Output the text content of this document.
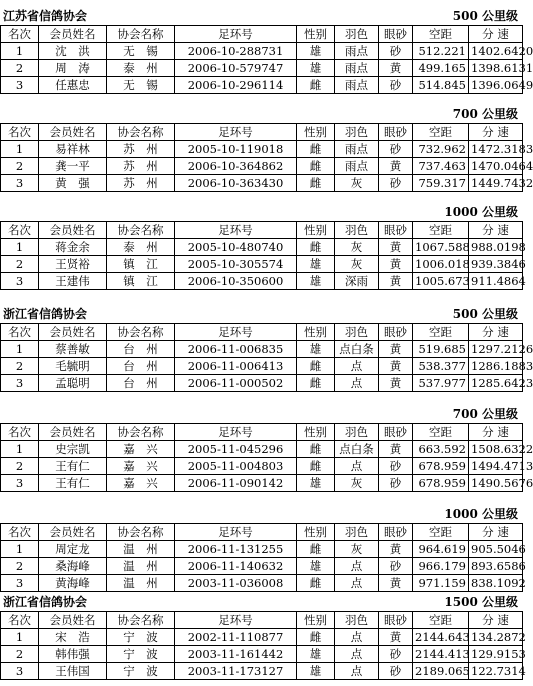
江苏省信鸽协会	500 公里级
名次	会员姓名	协会名称	足环号	性别	羽色	眼砂	空距	分 速
1	沈　洪	无　锡	2006-10-288731	雄	雨点	砂	512.221	1402.6420
2	周　涛	泰　州	2006-10-579747	雄	雨点	黄	499.165	1398.6131
3	任惠忠	无　锡	2006-10-296114	雌	雨点	砂	514.845	1396.0649
700 公里级
名次	会员姓名	协会名称	足环号	性别	羽色	眼砂	空距	分 速
1	易祥林	苏　州	2005-10-119018	雌	雨点	砂	732.962	1472.3183
2	龚一平	苏　州	2006-10-364862	雌	雨点	黄	737.463	1470.0464
3	黄　强	苏　州	2006-10-363430	雌	灰	砂	759.317	1449.7432
1000 公里级
名次	会员姓名	协会名称	足环号	性别	羽色	眼砂	空距	分 速
1	蒋金余	泰　州	2005-10-480740	雌	灰	黄	1067.588	988.0198
2	王贤裕	镇　江	2005-10-305574	雄	灰	黄	1006.018	939.3846
3	王建伟	镇　江	2006-10-350600	雄	深雨	黄	1005.673	911.4864
浙江省信鸽协会	500 公里级
名次	会员姓名	协会名称	足环号	性别	羽色	眼砂	空距	分 速
1	蔡善敏	台　州	2006-11-006835	雄	点白条	黄	519.685	1297.2126
2	毛毓明	台　州	2006-11-006413	雌	点	黄	538.377	1286.1883
3	孟聪明	台　州	2006-11-000502	雌	点	黄	537.977	1285.6423
700 公里级
名次	会员姓名	协会名称	足环号	性别	羽色	眼砂	空距	分 速
1	史宗凯	嘉　兴	2005-11-045296	雌	点白条	黄	663.592	1508.6322
2	王有仁	嘉　兴	2005-11-004803	雌	点	砂	678.959	1494.4713
3	王有仁	嘉　兴	2006-11-090142	雄	灰	砂	678.959	1490.5676
1000 公里级
名次	会员姓名	协会名称	足环号	性别	羽色	眼砂	空距	分 速
1	周定龙	温　州	2006-11-131255	雌	灰	黄	964.619	905.5046
2	桑海峰	温　州	2006-11-140632	雄	点	砂	966.179	893.6586
3	黄海峰	温　州	2003-11-036008	雌	点	黄	971.159	838.1092
浙江省信鸽协会	1500 公里级
名次	会员姓名	协会名称	足环号	性别	羽色	眼砂	空距	分 速
1	宋　浩	宁　波	2002-11-110877	雌	点	黄	2144.643	134.2872
2	韩伟强	宁　波	2003-11-161442	雄	点	砂	2144.413	129.9153
3	王伟国	宁　波	2003-11-173127	雄	点	砂	2189.065	122.7314
